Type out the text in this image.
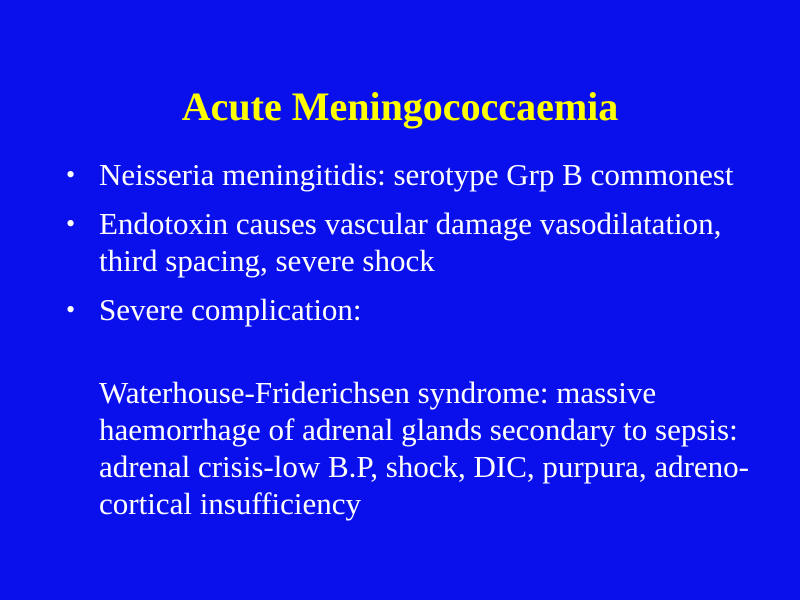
Acute Meningococcaemia
• Neisseria meningitidis: serotype Grp B commonest
• Endotoxin causes vascular damage vasodilatation, third spacing, severe shock
• Severe complication:

Waterhouse-Friderichsen syndrome: massive haemorrhage of adrenal glands secondary to sepsis: adrenal crisis-low B.P, shock, DIC, purpura, adreno-cortical insufficiency
